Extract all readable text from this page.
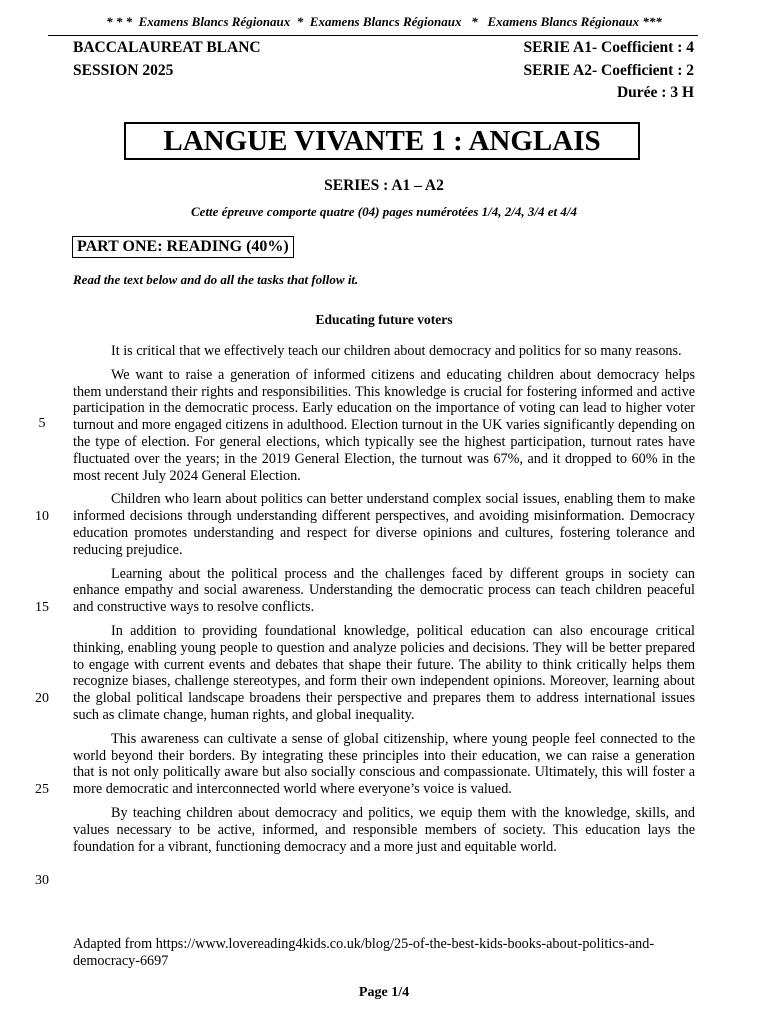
* * *  Examens Blancs Régionaux  *  Examens Blancs Régionaux   *   Examens Blancs Régionaux ***
BACCALAUREAT BLANC
SESSION 2025
SERIE A1- Coefficient : 4
SERIE A2- Coefficient : 2
Durée : 3 H
LANGUE VIVANTE 1 : ANGLAIS
SERIES : A1 – A2
Cette épreuve comporte quatre (04) pages numérotées 1/4, 2/4, 3/4 et 4/4
PART ONE: READING (40%)
Read the text below and do all the tasks that follow it.
Educating future voters

It is critical that we effectively teach our children about democracy and politics for so many reasons.

We want to raise a generation of informed citizens and educating children about democracy helps them understand their rights and responsibilities. This knowledge is crucial for fostering informed and active participation in the democratic process. Early education on the importance of voting can lead to higher voter turnout and more engaged citizens in adulthood. Election turnout in the UK varies significantly depending on the type of election. For general elections, which typically see the highest participation, turnout rates have fluctuated over the years; in the 2019 General Election, the turnout was 67%, and it dropped to 60% in the most recent July 2024 General Election.

Children who learn about politics can better understand complex social issues, enabling them to make informed decisions through understanding different perspectives, and avoiding misinformation. Democracy education promotes understanding and respect for diverse opinions and cultures, fostering tolerance and reducing prejudice.

Learning about the political process and the challenges faced by different groups in society can enhance empathy and social awareness. Understanding the democratic process can teach children peaceful and constructive ways to resolve conflicts.

In addition to providing foundational knowledge, political education can also encourage critical thinking, enabling young people to question and analyze policies and decisions. They will be better prepared to engage with current events and debates that shape their future. The ability to think critically helps them recognize biases, challenge stereotypes, and form their own independent opinions. Moreover, learning about the global political landscape broadens their perspective and prepares them to address international issues such as climate change, human rights, and global inequality.

This awareness can cultivate a sense of global citizenship, where young people feel connected to the world beyond their borders. By integrating these principles into their education, we can raise a generation that is not only politically aware but also socially conscious and compassionate. Ultimately, this will foster a more democratic and interconnected world where everyone’s voice is valued.

By teaching children about democracy and politics, we equip them with the knowledge, skills, and values necessary to be active, informed, and responsible members of society. This education lays the foundation for a vibrant, functioning democracy and a more just and equitable world.

5
10
15
20
25
30
Adapted from https://www.lovereading4kids.co.uk/blog/25-of-the-best-kids-books-about-politics-and-democracy-6697
Page 1/4
